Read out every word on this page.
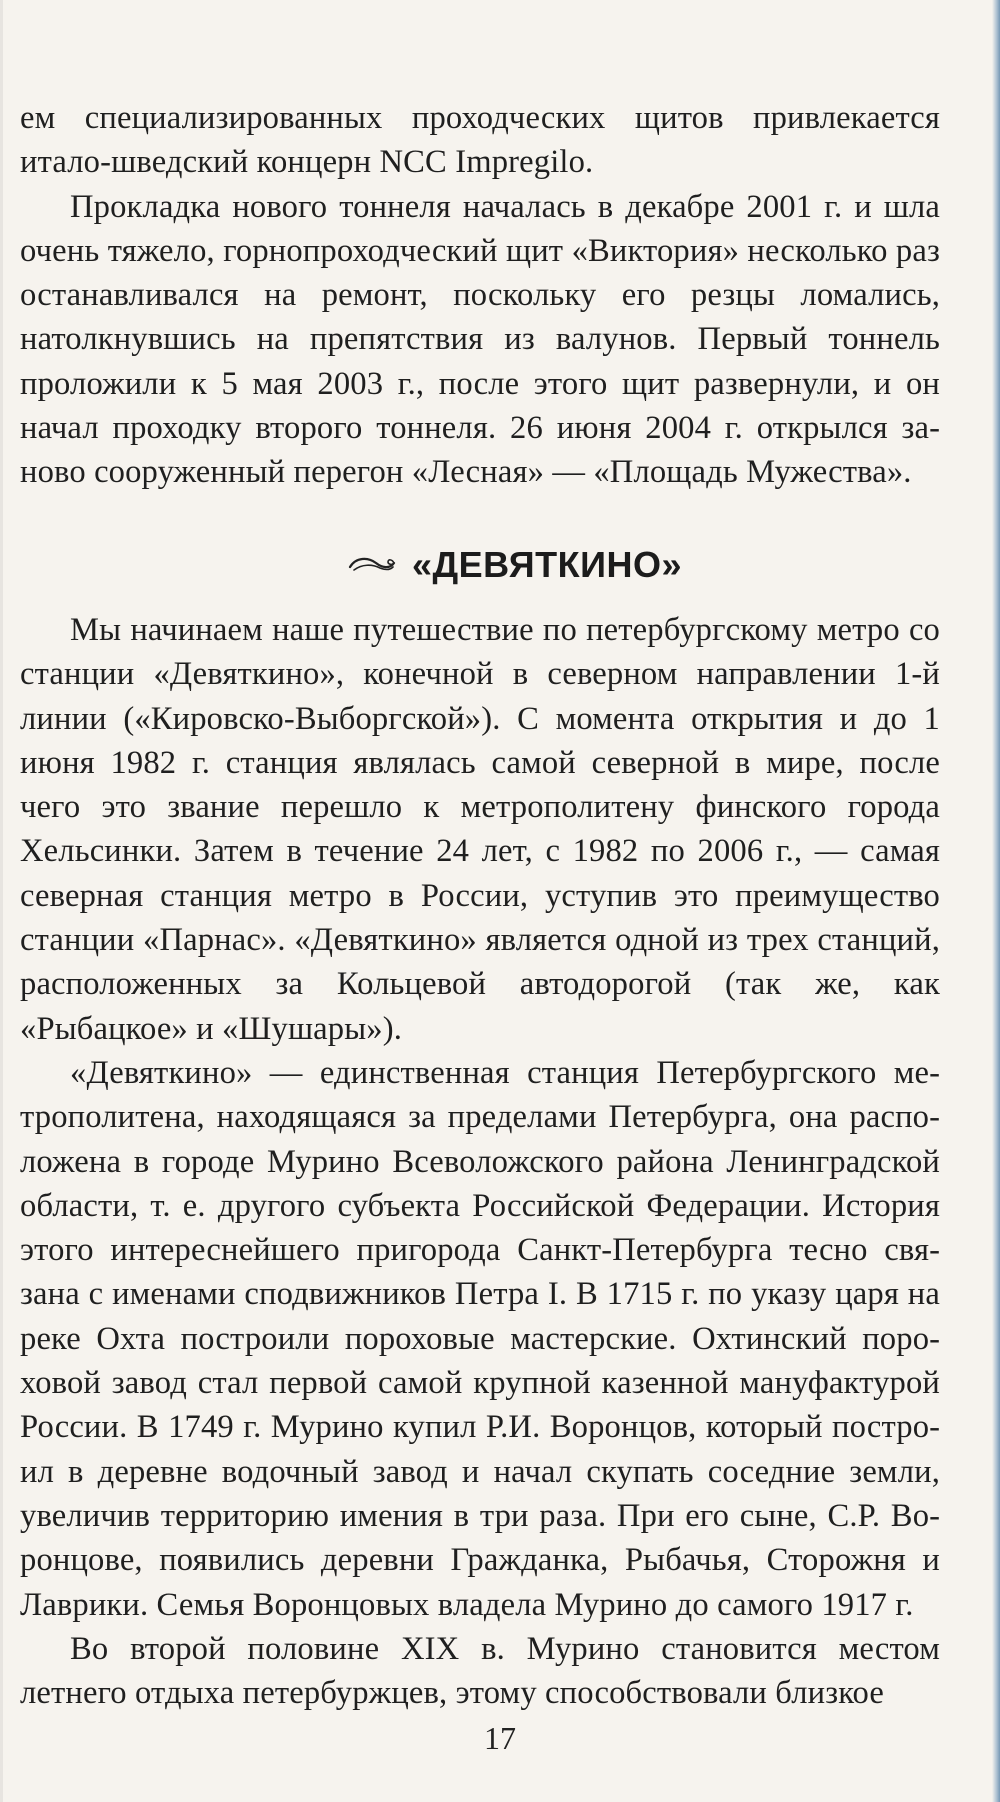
ем специализированных проходческих щитов привлекается итало-шведский концерн NCC Impregilo.

Прокладка нового тоннеля началась в декабре 2001 г. и шла очень тяжело, горнопроходческий щит «Виктория» несколько раз останавливался на ремонт, поскольку его резцы ломались, натолкнувшись на препятствия из валунов. Первый тоннель проложили к 5 мая 2003 г., после этого щит развернули, и он начал проходку второго тоннеля. 26 июня 2004 г. открылся заново сооруженный перегон «Лесная» — «Площадь Мужества».

«ДЕВЯТКИНО»

Мы начинаем наше путешествие по петербургскому метро со станции «Девяткино», конечной в северном направлении 1-й линии («Кировско-Выборгской»). С момента открытия и до 1 июня 1982 г. станция являлась самой северной в мире, после чего это звание перешло к метрополитену финского города Хельсинки. Затем в течение 24 лет, с 1982 по 2006 г., — самая северная станция метро в России, уступив это преимущество станции «Парнас». «Девяткино» является одной из трех станций, расположенных за Кольцевой автодорогой (так же, как «Рыбацкое» и «Шушары»).

«Девяткино» — единственная станция Петербургского метрополитена, находящаяся за пределами Петербурга, она расположена в городе Мурино Всеволожского района Ленинградской области, т. е. другого субъекта Российской Федерации. История этого интереснейшего пригорода Санкт-Петербурга тесно связана с именами сподвижников Петра I. В 1715 г. по указу царя на реке Охта построили пороховые мастерские. Охтинский пороховой завод стал первой самой крупной казенной мануфактурой России. В 1749 г. Мурино купил Р.И. Воронцов, который построил в деревне водочный завод и начал скупать соседние земли, увеличив территорию имения в три раза. При его сыне, С.Р. Воронцове, появились деревни Гражданка, Рыбачья, Сторожня и Лаврики. Семья Воронцовых владела Мурино до самого 1917 г.

Во второй половине XIX в. Мурино становится местом летнего отдыха петербуржцев, этому способствовали близкое

17
